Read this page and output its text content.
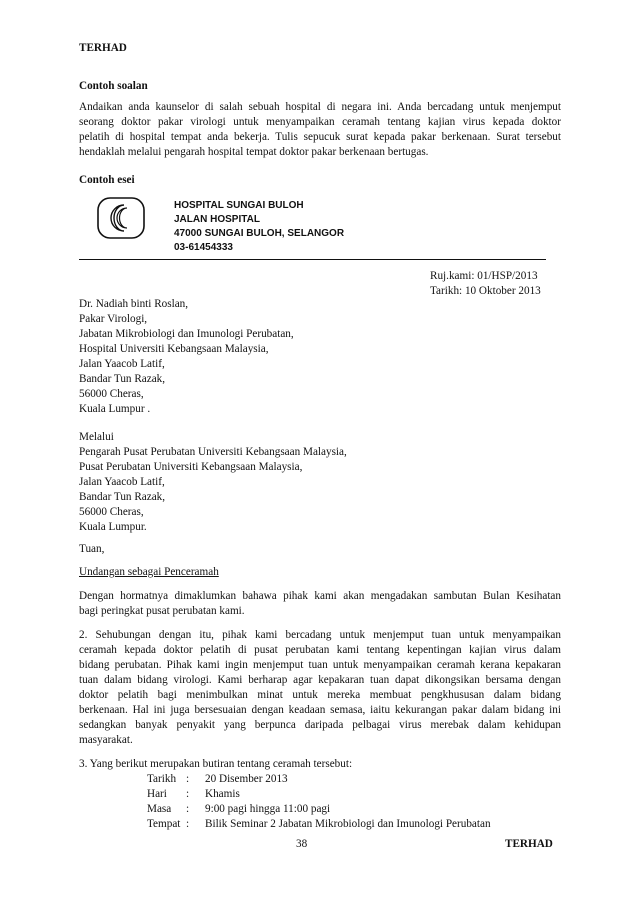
TERHAD
Contoh soalan
Andaikan anda kaunselor di salah sebuah hospital di negara ini. Anda bercadang untuk menjemput
seorang doktor pakar virologi untuk menyampaikan ceramah tentang kajian virus kepada doktor
pelatih di hospital tempat anda bekerja. Tulis sepucuk surat kepada pakar berkenaan. Surat tersebut
hendaklah melalui pengarah hospital tempat doktor pakar berkenaan bertugas.
Contoh esei
HOSPITAL SUNGAI BULOH
JALAN HOSPITAL
47000 SUNGAI BULOH, SELANGOR
03-61454333
Ruj.kami: 01/HSP/2013
Tarikh: 10 Oktober 2013
Dr. Nadiah binti Roslan,
Pakar Virologi,
Jabatan Mikrobiologi dan Imunologi Perubatan,
Hospital Universiti Kebangsaan Malaysia,
Jalan Yaacob Latif,
Bandar Tun Razak,
56000 Cheras,
Kuala Lumpur .
Melalui
Pengarah Pusat Perubatan Universiti Kebangsaan Malaysia,
Pusat Perubatan Universiti Kebangsaan Malaysia,
Jalan Yaacob Latif,
Bandar Tun Razak,
56000 Cheras,
Kuala Lumpur.
Tuan,
Undangan sebagai Penceramah
Dengan hormatnya dimaklumkan bahawa pihak kami akan mengadakan sambutan Bulan Kesihatan
bagi peringkat pusat perubatan kami.
2. Sehubungan dengan itu, pihak kami bercadang untuk menjemput tuan untuk menyampaikan
ceramah kepada doktor pelatih di pusat perubatan kami tentang kepentingan kajian virus dalam
bidang perubatan. Pihak kami ingin menjemput tuan untuk menyampaikan ceramah kerana kepakaran
tuan dalam bidang virologi. Kami berharap agar kepakaran tuan dapat dikongsikan bersama dengan
doktor pelatih bagi menimbulkan minat untuk mereka membuat pengkhususan dalam bidang
berkenaan. Hal ini juga bersesuaian dengan keadaan semasa, iaitu kekurangan pakar dalam bidang ini
sedangkan banyak penyakit yang berpunca daripada pelbagai virus merebak dalam kehidupan
masyarakat.
3. Yang berikut merupakan butiran tentang ceramah tersebut:
Tarikh : 20 Disember 2013
Hari : Khamis
Masa : 9:00 pagi hingga 11:00 pagi
Tempat : Bilik Seminar 2 Jabatan Mikrobiologi dan Imunologi Perubatan
38	TERHAD
